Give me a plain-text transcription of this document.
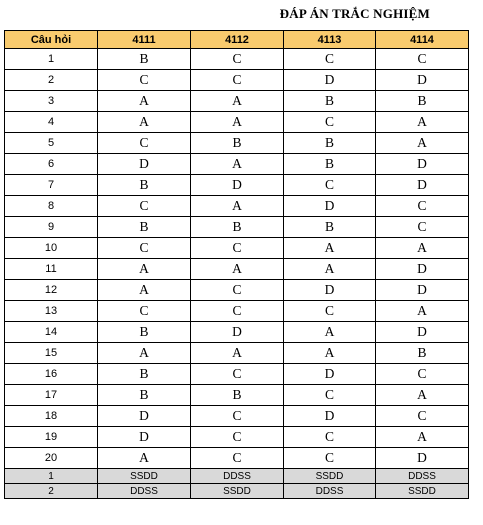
ĐÁP ÁN TRẮC NGHIỆM
Câu hỏi	4111	4112	4113	4114
1	B	C	C	C
2	C	C	D	D
3	A	A	B	B
4	A	A	C	A
5	C	B	B	A
6	D	A	B	D
7	B	D	C	D
8	C	A	D	C
9	B	B	B	C
10	C	C	A	A
11	A	A	A	D
12	A	C	D	D
13	C	C	C	A
14	B	D	A	D
15	A	A	A	B
16	B	C	D	C
17	B	B	C	A
18	D	C	D	C
19	D	C	C	A
20	A	C	C	D
1	SSDD	DDSS	SSDD	DDSS
2	DDSS	SSDD	DDSS	SSDD
